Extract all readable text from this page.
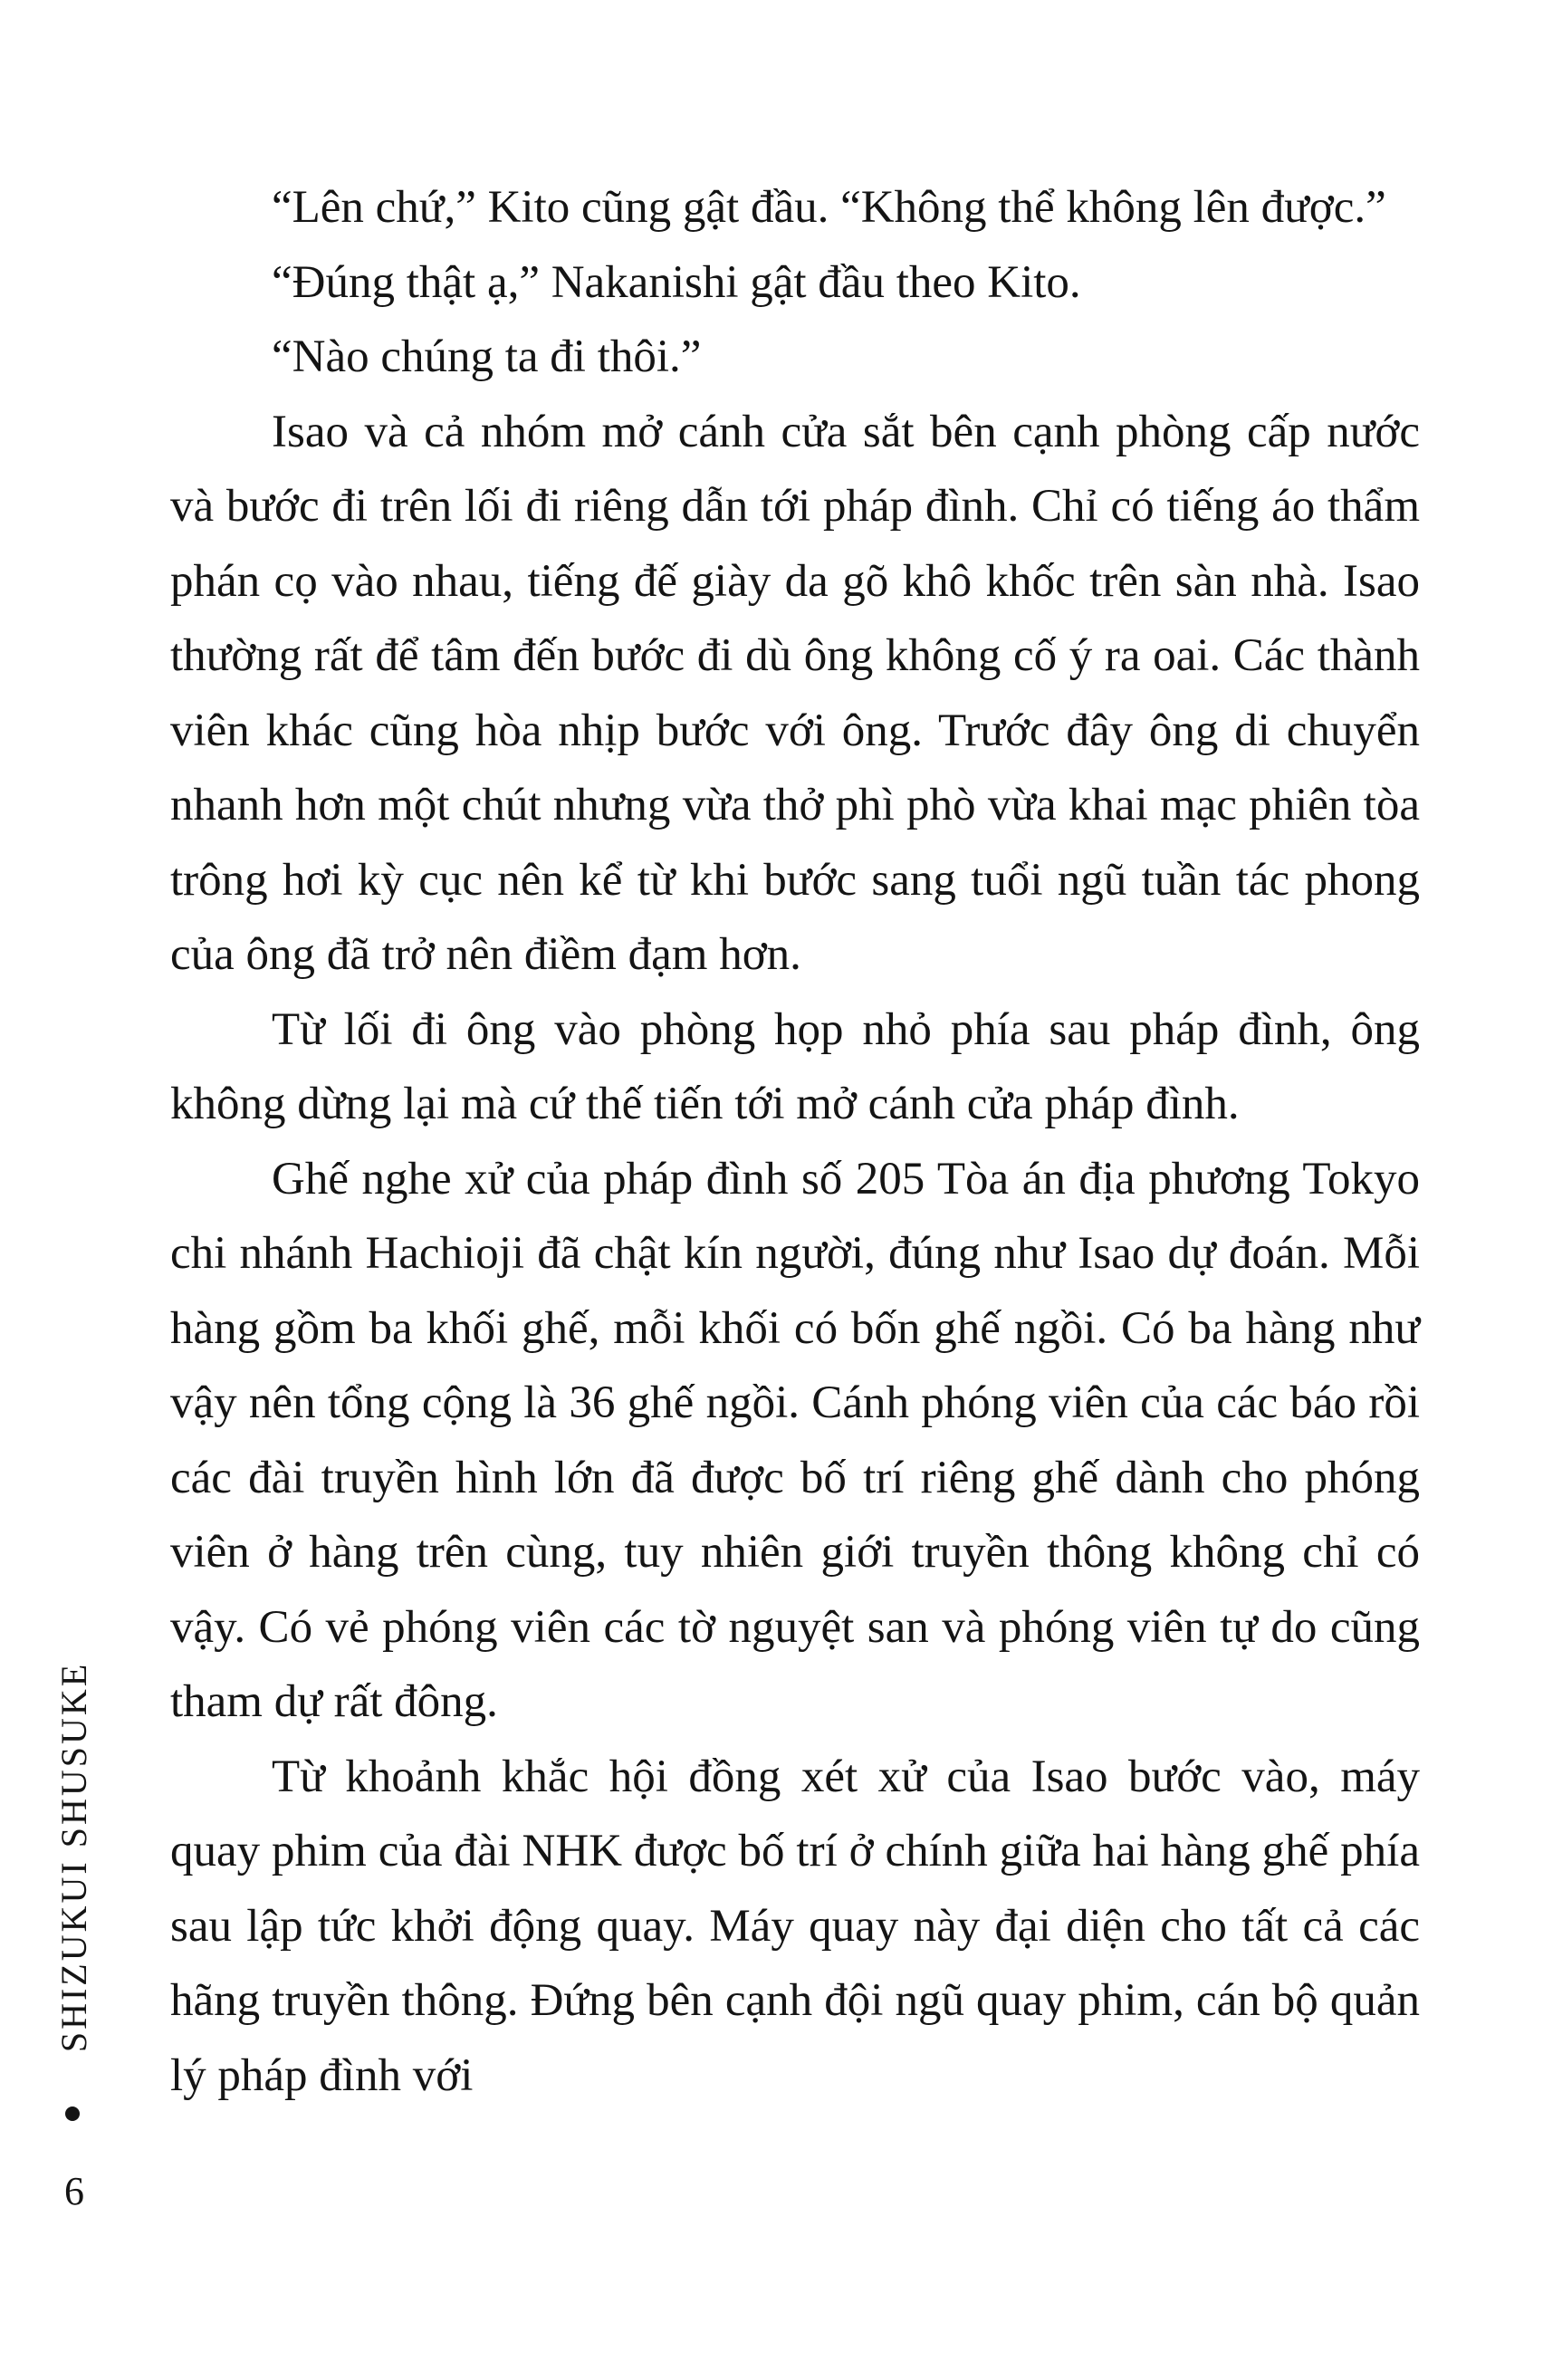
“Lên chứ,” Kito cũng gật đầu. “Không thể không lên được.”

“Đúng thật ạ,” Nakanishi gật đầu theo Kito.

“Nào chúng ta đi thôi.”

Isao và cả nhóm mở cánh cửa sắt bên cạnh phòng cấp nước và bước đi trên lối đi riêng dẫn tới pháp đình. Chỉ có tiếng áo thẩm phán cọ vào nhau, tiếng đế giày da gõ khô khốc trên sàn nhà. Isao thường rất để tâm đến bước đi dù ông không cố ý ra oai. Các thành viên khác cũng hòa nhịp bước với ông. Trước đây ông di chuyển nhanh hơn một chút nhưng vừa thở phì phò vừa khai mạc phiên tòa trông hơi kỳ cục nên kể từ khi bước sang tuổi ngũ tuần tác phong của ông đã trở nên điềm đạm hơn.

Từ lối đi ông vào phòng họp nhỏ phía sau pháp đình, ông không dừng lại mà cứ thế tiến tới mở cánh cửa pháp đình.

Ghế nghe xử của pháp đình số 205 Tòa án địa phương Tokyo chi nhánh Hachioji đã chật kín người, đúng như Isao dự đoán. Mỗi hàng gồm ba khối ghế, mỗi khối có bốn ghế ngồi. Có ba hàng như vậy nên tổng cộng là 36 ghế ngồi. Cánh phóng viên của các báo rồi các đài truyền hình lớn đã được bố trí riêng ghế dành cho phóng viên ở hàng trên cùng, tuy nhiên giới truyền thông không chỉ có vậy. Có vẻ phóng viên các tờ nguyệt san và phóng viên tự do cũng tham dự rất đông.

Từ khoảnh khắc hội đồng xét xử của Isao bước vào, máy quay phim của đài NHK được bố trí ở chính giữa hai hàng ghế phía sau lập tức khởi động quay. Máy quay này đại diện cho tất cả các hãng truyền thông. Đứng bên cạnh đội ngũ quay phim, cán bộ quản lý pháp đình với

SHIZUKUI SHUSUKE
6
